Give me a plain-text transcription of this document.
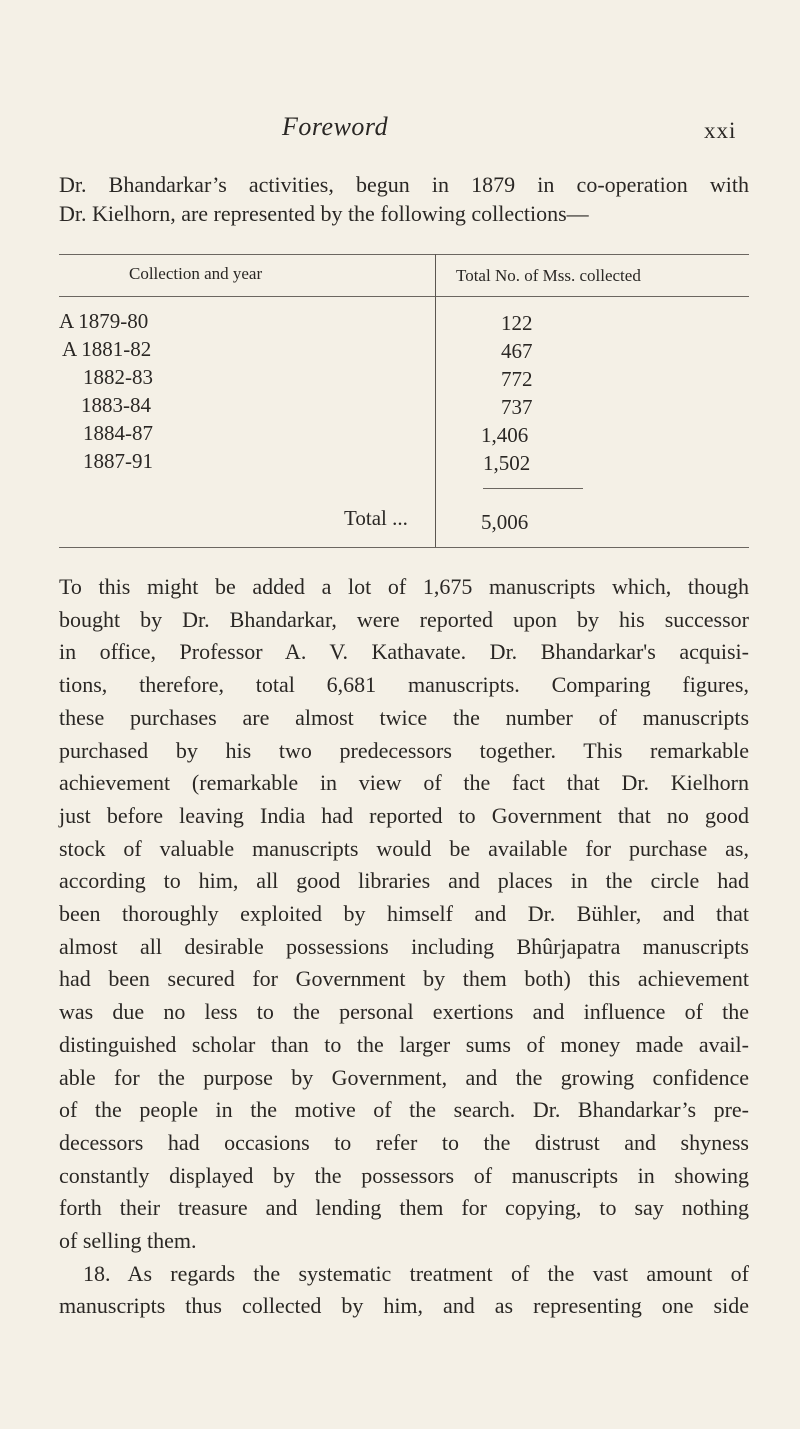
Foreword	xxi

Dr. Bhandarkar’s activities, begun in 1879 in co-operation with
Dr. Kielhorn, are represented by the following collections—

Collection and year	Total No. of Mss. collected
A 1879-80	122
A 1881-82	467
1882-83	772
1883-84	737
1884-87	1,406
1887-91	1,502
Total ...	5,006

To this might be added a lot of 1,675 manuscripts which, though
bought by Dr. Bhandarkar, were reported upon by his successor
in office, Professor A. V. Kathavate. Dr. Bhandarkar's acquisi-
tions, therefore, total 6,681 manuscripts. Comparing figures,
these purchases are almost twice the number of manuscripts
purchased by his two predecessors together. This remarkable
achievement (remarkable in view of the fact that Dr. Kielhorn
just before leaving India had reported to Government that no good
stock of valuable manuscripts would be available for purchase as,
according to him, all good libraries and places in the circle had
been thoroughly exploited by himself and Dr. Bühler, and that
almost all desirable possessions including Bhûrjapatra manuscripts
had been secured for Government by them both) this achievement
was due no less to the personal exertions and influence of the
distinguished scholar than to the larger sums of money made avail-
able for the purpose by Government, and the growing confidence
of the people in the motive of the search. Dr. Bhandarkar’s pre-
decessors had occasions to refer to the distrust and shyness
constantly displayed by the possessors of manuscripts in showing
forth their treasure and lending them for copying, to say nothing
of selling them.
18. As regards the systematic treatment of the vast amount of
manuscripts thus collected by him, and as representing one side
